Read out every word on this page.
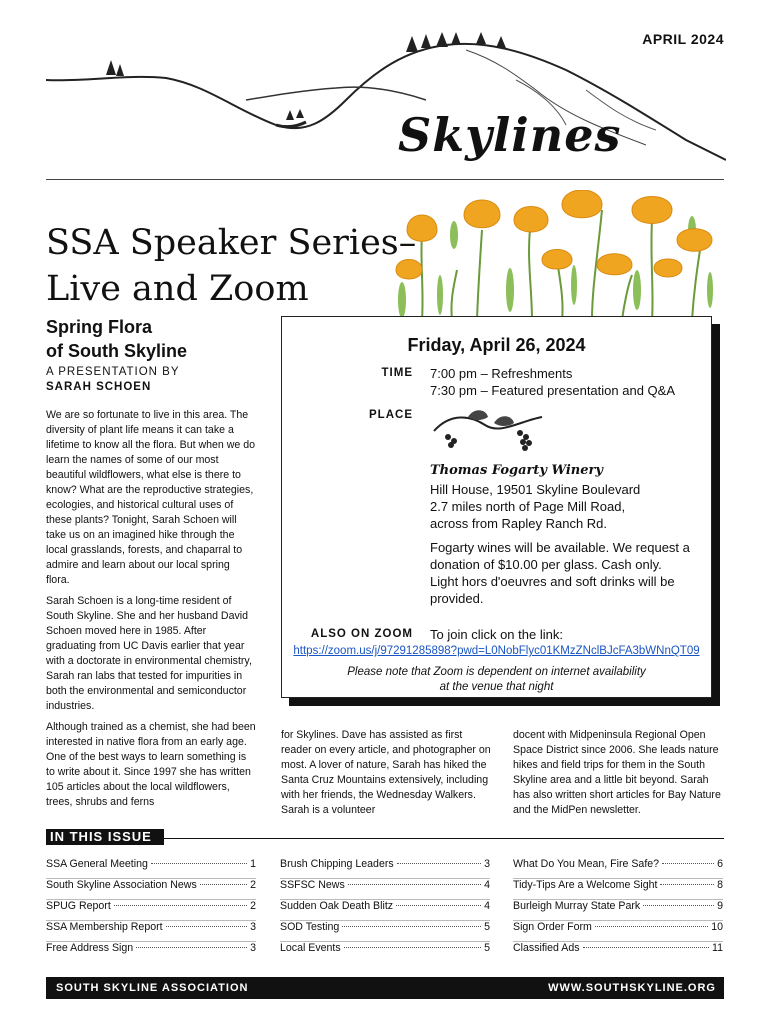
APRIL 2024
Skylines
SSA Speaker Series–
Live and Zoom
Spring Flora
of South Skyline
A PRESENTATION BY
SARAH SCHOEN

We are so fortunate to live in this area. The diversity of plant life means it can take a lifetime to know all the flora. But when we do learn the names of some of our most beautiful wildflowers, what else is there to know? What are the reproductive strategies, ecologies, and historical cultural uses of these plants? Tonight, Sarah Schoen will take us on an imagined hike through the local grasslands, forests, and chaparral to admire and learn about our local spring flora.

Sarah Schoen is a long-time resident of South Skyline. She and her husband David Schoen moved here in 1985. After graduating from UC Davis earlier that year with a doctorate in environmental chemistry, Sarah ran labs that tested for impurities in both the environmental and semiconductor industries.

Although trained as a chemist, she had been interested in native flora from an early age. One of the best ways to learn something is to write about it. Since 1997 she has written 105 articles about the local wildflowers, trees, shrubs and ferns

Friday, April 26, 2024
TIME 7:00 pm – Refreshments
7:30 pm – Featured presentation and Q&A
PLACE
Thomas Fogarty Winery
Hill House, 19501 Skyline Boulevard
2.7 miles north of Page Mill Road,
across from Rapley Ranch Rd.
Fogarty wines will be available. We request a
donation of $10.00 per glass. Cash only.
Light hors d'oeuvres and soft drinks will be
provided.
ALSO ON ZOOM To join click on the link:
https://zoom.us/j/97291285898?pwd=L0NobFlyc01KMzZNclBJcFA3bWNnQT09
Please note that Zoom is dependent on internet availability
at the venue that night
for Skylines. Dave has assisted as first reader on every article, and photographer on most. A lover of nature, Sarah has hiked the Santa Cruz Mountains extensively, including with her friends, the Wednesday Walkers. Sarah is a volunteer
docent with Midpeninsula Regional Open Space District since 2006. She leads nature hikes and field trips for them in the South Skyline area and a little bit beyond. Sarah has also written short articles for Bay Nature and the MidPen newsletter.
IN THIS ISSUE
SSA General Meeting	1
South Skyline Association News	2
SPUG Report	2
SSA Membership Report	3
Free Address Sign	3
Brush Chipping Leaders	3
SSFSC News	4
Sudden Oak Death Blitz	4
SOD Testing	5
Local Events	5
What Do You Mean, Fire Safe?	6
Tidy-Tips Are a Welcome Sight	8
Burleigh Murray State Park	9
Sign Order Form	10
Classified Ads	11
SOUTH SKYLINE ASSOCIATION	WWW.SOUTHSKYLINE.ORG
